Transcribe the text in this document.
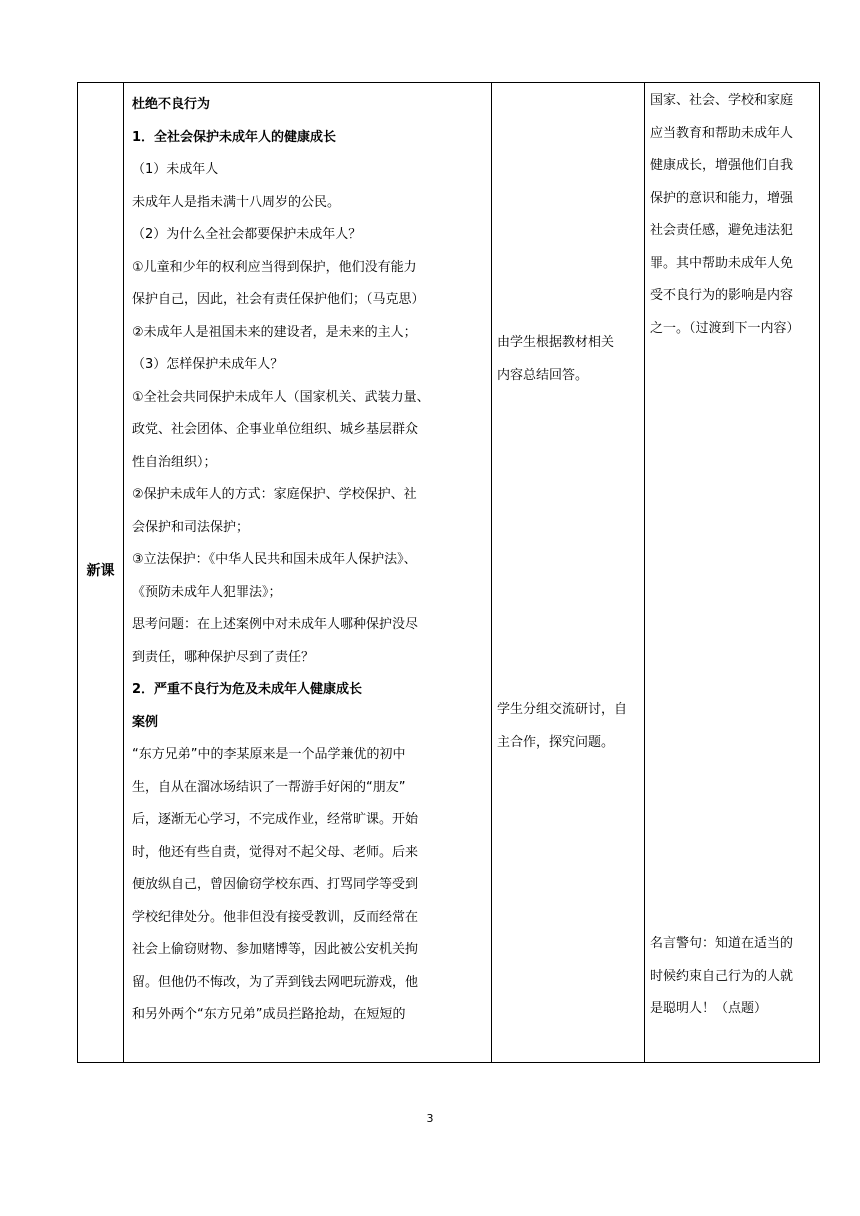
新课
杜绝不良行为
1．全社会保护未成年人的健康成长
（1）未成年人
未成年人是指未满十八周岁的公民。
（2）为什么全社会都要保护未成年人？
①儿童和少年的权利应当得到保护，他们没有能力
保护自己，因此，社会有责任保护他们；（马克思）
②未成年人是祖国未来的建设者，是未来的主人；
（3）怎样保护未成年人？
①全社会共同保护未成年人（国家机关、武装力量、
政党、社会团体、企事业单位组织、城乡基层群众
性自治组织）；
②保护未成年人的方式：家庭保护、学校保护、社
会保护和司法保护；
③立法保护：《中华人民共和国未成年人保护法》、
《预防未成年人犯罪法》；
思考问题：在上述案例中对未成年人哪种保护没尽
到责任，哪种保护尽到了责任？
2．严重不良行为危及未成年人健康成长
案例
“东方兄弟”中的李某原来是一个品学兼优的初中
生，自从在溜冰场结识了一帮游手好闲的“朋友”
后，逐渐无心学习，不完成作业，经常旷课。开始
时，他还有些自责，觉得对不起父母、老师。后来
便放纵自己，曾因偷窃学校东西、打骂同学等受到
学校纪律处分。他非但没有接受教训，反而经常在
社会上偷窃财物、参加赌博等，因此被公安机关拘
留。但他仍不悔改，为了弄到钱去网吧玩游戏，他
和另外两个“东方兄弟”成员拦路抢劫，在短短的
由学生根据教材相关
内容总结回答。
学生分组交流研讨，自
主合作，探究问题。
国家、社会、学校和家庭
应当教育和帮助未成年人
健康成长，增强他们自我
保护的意识和能力，增强
社会责任感，避免违法犯
罪。其中帮助未成年人免
受不良行为的影响是内容
之一。（过渡到下一内容）
名言警句：知道在适当的
时候约束自己行为的人就
是聪明人！（点题）
3
